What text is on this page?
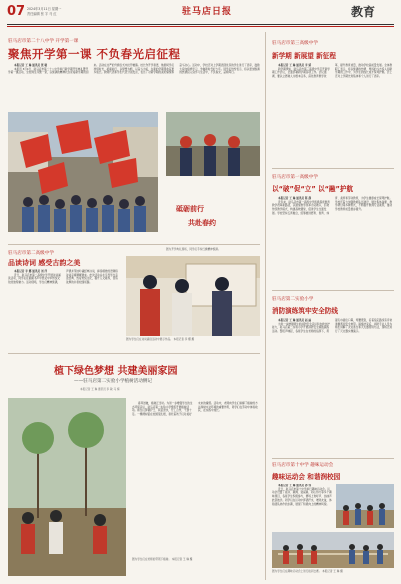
07 2024年3月11日 星期一
责任编辑 张 宇 马 红	驻马店日报	教育
驻马店市第二十八中学 开学第一课
聚焦开学第一课 不负春光启征程

本报记者 王 琳 通讯员 张 敏

本报讯 3月4日，驻马店市第二十八中学举行新学期开学典礼暨开学第一课活动，全校师生齐聚一堂，以饱满的精神状态迎接新学期的到来。活动在庄严的升旗仪式中拉开帷幕。校长作开学寄语，勉励同学们珍惜时光、砥砺前行，以梦想为帆、以奋斗为桨，在新的学期里收获更多成长。教师代表和学生代表分别发言，表达了对新学期的美好憧憬和奋斗决心。活动中，学校还对上学期表现优异的学生进行了表彰，鼓励大家向榜样学习，争做新时代好少年。同学们纷纷表示，将以更加饱满的热情投入到学习生活中，不负春光，奋楫笃行。

砥砺前行
共赴春约
图为开学典礼现场，同学们手持红旗精神饱满。
驻马店市第二高级中学
品读诗词 感受古韵之美

本报记者 李 娜 通讯员 刘 洋

近日，驻马店市第二高级中学开展诗词诵读活动，同学们在朗朗书声中感受中华传统文化的独特魅力。活动现场，学生们精神饱满，声情并茂地吟诵经典诗词，抑扬顿挫的语调将诗词意境娓娓道来。此次活动旨在引导学生亲近经典、热爱传统文化，提升人文素养，营造浓厚的书香校园氛围。

图为学生们在诗词诵读活动中展示作品。 本报记者 李 娜 摄
植下绿色梦想 共建美丽家园
——驻马店第二实验小学植树活动侧记
本报记者 王 琳 通讯员 李 敏 马 婧

春风送暖，植树正当时。为进一步增强学生的生态环保意识，驻马店第二实验小学组织开展植树活动。师生们挥锹铲土、扶苗浇水，分工合作，干劲十足。一棵棵树苗在校园里扎根，寄托着孩子们对美好未来的憧憬。活动中，老师向学生们讲解了植树的方法和树木对环境的重要作用，同学们在劳动中体验收获，在实践中成长。

图为学生们在老师的带领下植树。 本报记者 王 琳 摄
驻马店市第三高级中学
新学期 新展望 新征程

本报记者 王 琳 通讯员 李 婧

新学期伊始，驻马店市第三高级中学召开新学期工作会议，全面部署新学期各项工作。会议强调，要以立德树人为根本任务，深化教育教学改革，提升教育质量，推动学校高质量发展。全体教职工表示，将以饱满的热情、昂扬的斗志投入到新学期的工作中，为学生的成长成才保驾护航。会上还对上学期先进集体和个人进行了表彰。

驻马店市第一高级中学
以“破”促“立” 以“融”护航

本报记者 王 琳 通讯员 陈 静

近年来，驻马店市第一高级中学积极探索教育教学改革新路径，以课堂教学改革为突破口，打破传统教学模式，构建高效课堂，促进学生全面发展。学校坚持五育融合，统筹推进德育、智育、体育、美育和劳动教育，为学生健康成长保驾护航。学校还着力加强教师队伍建设，通过集体备课、教学研讨等多种形式，不断提升教师专业素养，推动学校教育质量稳步提升。

驻马店第二实验小学
消防演练筑牢安全防线

本报记者 王 琳 通讯员 赵 丽

为进一步增强师生的消防安全意识和自救自护能力，驻马店第二实验小学开展消防安全疏散演练活动。警报声响起，各班学生在老师的指挥下，用湿毛巾捂住口鼻，弯腰低姿，沿着指定路线有序快速撤离到安全地带。演练结束后，消防专业人员为师生讲解了火灾逃生和灭火器使用方法，现场还进行了灭火器实操演示。

驻马店市第十中学 趣味运动会
趣味运动会 和谐润校园

本报记者 王 琳 通讯员 孙 伟

近日，驻马店市第十中学举行趣味运动会。运动会设置了拔河、跳绳、袋鼠跳、同心协力等多个趣味项目，各班学生积极参与，赛场上欢呼声、加油声此起彼伏。同学们在运动中挥洒汗水，增进友谊，体验团队协作的乐趣，展现了积极向上的精神风貌。

图为学生们在趣味运动会上进行拔河比赛。 本报记者 王 琳 摄
